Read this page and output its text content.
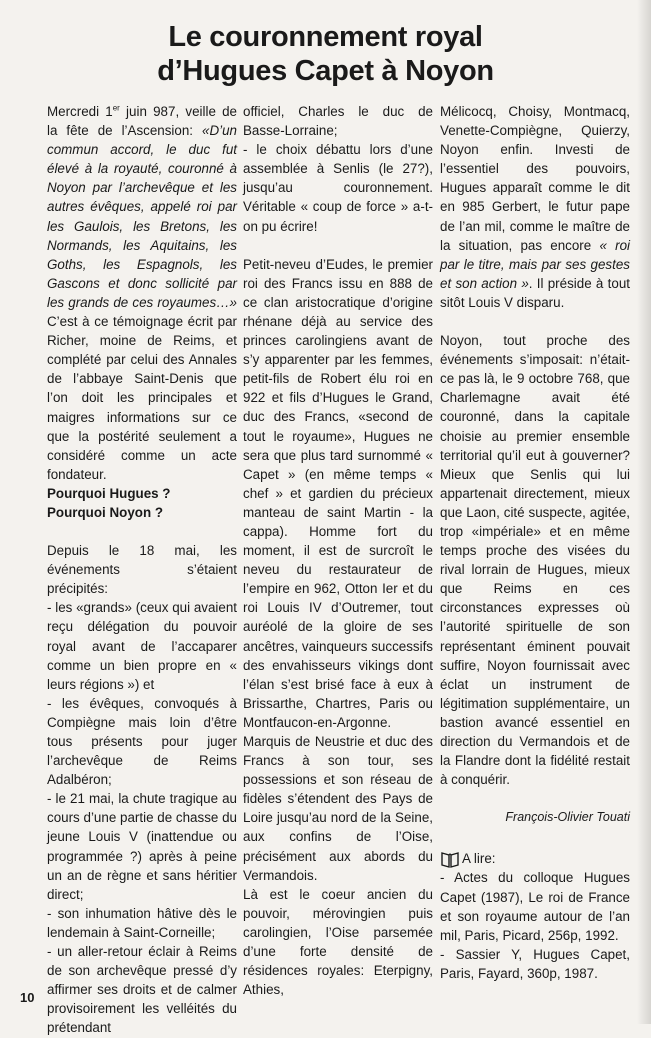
Le couronnement royal
d’Hugues Capet à Noyon

Mercredi 1er juin 987, veille de la fête de l’Ascension: «D’un commun accord, le duc fut élevé à la royauté, couronné à Noyon par l’archevêque et les autres évêques, appelé roi par les Gaulois, les Bretons, les Normands, les Aquitains, les Goths, les Espagnols, les Gascons et donc sollicité par les grands de ces royaumes…» C’est à ce témoignage écrit par Richer, moine de Reims, et complété par celui des Annales de l’abbaye Saint-Denis que l’on doit les principales et maigres informations sur ce que la postérité seulement a considéré comme un acte fondateur.

Pourquoi Hugues ?

Pourquoi Noyon ?

Depuis le 18 mai, les événements s’étaient précipités:

- les «grands» (ceux qui avaient reçu délégation du pouvoir royal avant de l’accaparer comme un bien propre en « leurs régions ») et

- les évêques, convoqués à Compiègne mais loin d’être tous présents pour juger l’archevêque de Reims Adalbéron;

- le 21 mai, la chute tragique au cours d’une partie de chasse du jeune Louis V (inattendue ou programmée ?) après à peine un an de règne et sans héritier direct;

- son inhumation hâtive dès le lendemain à Saint-Corneille;

- un aller-retour éclair à Reims de son archevêque pressé d’y affirmer ses droits et de calmer provisoirement les velléités du prétendant

officiel, Charles le duc de Basse-Lorraine;

- le choix débattu lors d’une assemblée à Senlis (le 27?), jusqu’au couronnement. Véritable « coup de force » a-t-on pu écrire!

Petit-neveu d’Eudes, le premier roi des Francs issu en 888 de ce clan aristocratique d’origine rhénane déjà au service des princes carolingiens avant de s’y apparenter par les femmes, petit-fils de Robert élu roi en 922 et fils d’Hugues le Grand, duc des Francs, «second de tout le royaume», Hugues ne sera que plus tard surnommé « Capet » (en même temps « chef » et gardien du précieux manteau de saint Martin - la cappa). Homme fort du moment, il est de surcroît le neveu du restaurateur de l’empire en 962, Otton Ier et du roi Louis IV d’Outremer, tout auréolé de la gloire de ses ancêtres, vainqueurs successifs des envahisseurs vikings dont l’élan s’est brisé face à eux à Brissarthe, Chartres, Paris ou Montfaucon-en-Argonne. Marquis de Neustrie et duc des Francs à son tour, ses possessions et son réseau de fidèles s’étendent des Pays de Loire jusqu’au nord de la Seine, aux confins de l’Oise, précisément aux abords du Vermandois.

Là est le coeur ancien du pouvoir, mérovingien puis carolingien, l’Oise parsemée d’une forte densité de résidences royales: Eterpigny, Athies,

Mélicocq, Choisy, Montmacq, Venette-Compiègne, Quierzy, Noyon enfin. Investi de l’essentiel des pouvoirs, Hugues apparaît comme le dit en 985 Gerbert, le futur pape de l’an mil, comme le maître de la situation, pas encore « roi par le titre, mais par ses gestes et son action ». Il préside à tout sitôt Louis V disparu.

Noyon, tout proche des événements s’imposait: n’était-ce pas là, le 9 octobre 768, que Charlemagne avait été couronné, dans la capitale choisie au premier ensemble territorial qu’il eut à gouverner? Mieux que Senlis qui lui appartenait directement, mieux que Laon, cité suspecte, agitée, trop «impériale» et en même temps proche des visées du rival lorrain de Hugues, mieux que Reims en ces circonstances expresses où l’autorité spirituelle de son représentant éminent pouvait suffire, Noyon fournissait avec éclat un instrument de légitimation supplémentaire, un bastion avancé essentiel en direction du Vermandois et de la Flandre dont la fidélité restait à conquérir.

François-Olivier Touati

A lire:

- Actes du colloque Hugues Capet (1987), Le roi de France et son royaume autour de l’an mil, Paris, Picard, 256p, 1992.

- Sassier Y, Hugues Capet, Paris, Fayard, 360p, 1987.

10
